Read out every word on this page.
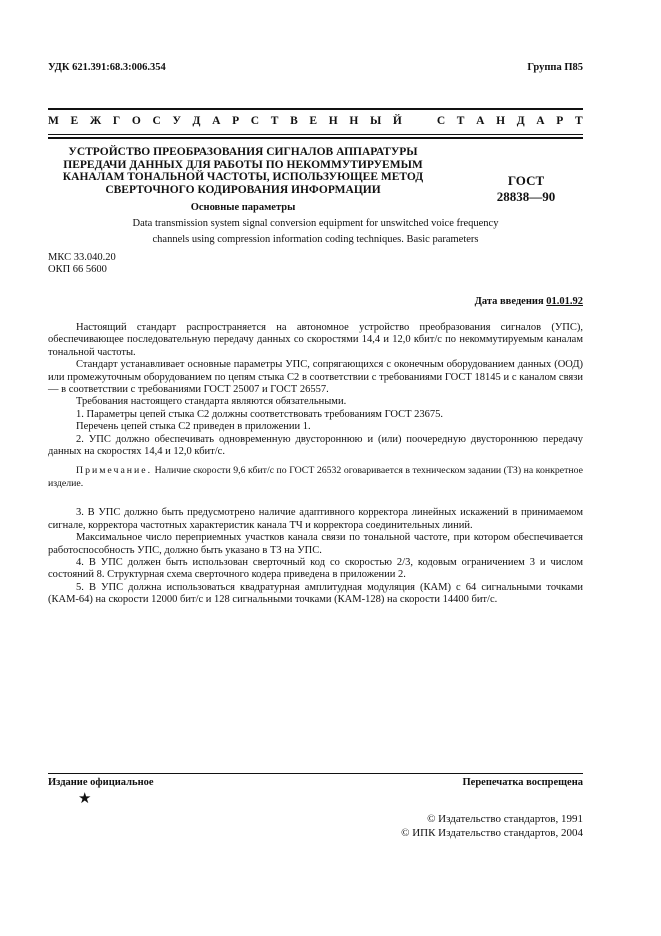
УДК 621.391:68.3:006.354	Группа П85
М Е Ж Г О С У Д А Р С Т В Е Н Н Ы Й	С Т А Н Д А Р Т
УСТРОЙСТВО ПРЕОБРАЗОВАНИЯ СИГНАЛОВ АППАРАТУРЫ
ПЕРЕДАЧИ ДАННЫХ ДЛЯ РАБОТЫ ПО НЕКОММУТИРУЕМЫМ
КАНАЛАМ ТОНАЛЬНОЙ ЧАСТОТЫ, ИСПОЛЬЗУЮЩЕЕ МЕТОД
СВЕРТОЧНОГО КОДИРОВАНИЯ ИНФОРМАЦИИ
Основные параметры
ГОСТ
28838—90
Data transmission system signal conversion equipment for unswitched voice frequency
channels using compression information coding techniques. Basic parameters
МКС 33.040.20
ОКП 66 5600
Дата введения 01.01.92

Настоящий стандарт распространяется на автономное устройство преобразования сигналов (УПС), обеспечивающее последовательную передачу данных со скоростями 14,4 и 12,0 кбит/с по некоммутируемым каналам тональной частоты.

Стандарт устанавливает основные параметры УПС, сопрягающихся с оконечным оборудованием данных (ООД) или промежуточным оборудованием по цепям стыка С2 в соответствии с требованиями ГОСТ 18145 и с каналом связи — в соответствии с требованиями ГОСТ 25007 и ГОСТ 26557.

Требования настоящего стандарта являются обязательными.

1. Параметры цепей стыка С2 должны соответствовать требованиям ГОСТ 23675.

Перечень цепей стыка С2 приведен в приложении 1.

2. УПС должно обеспечивать одновременную двустороннюю и (или) поочередную двустороннюю передачу данных на скоростях 14,4 и 12,0 кбит/с.

Примечание. Наличие скорости 9,6 кбит/с по ГОСТ 26532 оговаривается в техническом задании (ТЗ) на конкретное изделие.

3. В УПС должно быть предусмотрено наличие адаптивного корректора линейных искажений в принимаемом сигнале, корректора частотных характеристик канала ТЧ и корректора соединительных линий.

Максимальное число переприемных участков канала связи по тональной частоте, при котором обеспечивается работоспособность УПС, должно быть указано в ТЗ на УПС.

4. В УПС должен быть использован сверточный код со скоростью 2/3, кодовым ограничением 3 и числом состояний 8. Структурная схема сверточного кодера приведена в приложении 2.

5. В УПС должна использоваться квадратурная амплитудная модуляция (КАМ) с 64 сигнальными точками (КАМ-64) на скорости 12000 бит/с и 128 сигнальными точками (КАМ-128) на скорости 14400 бит/с.

Издание официальное	Перепечатка воспрещена
★
© Издательство стандартов, 1991
© ИПК Издательство стандартов, 2004
